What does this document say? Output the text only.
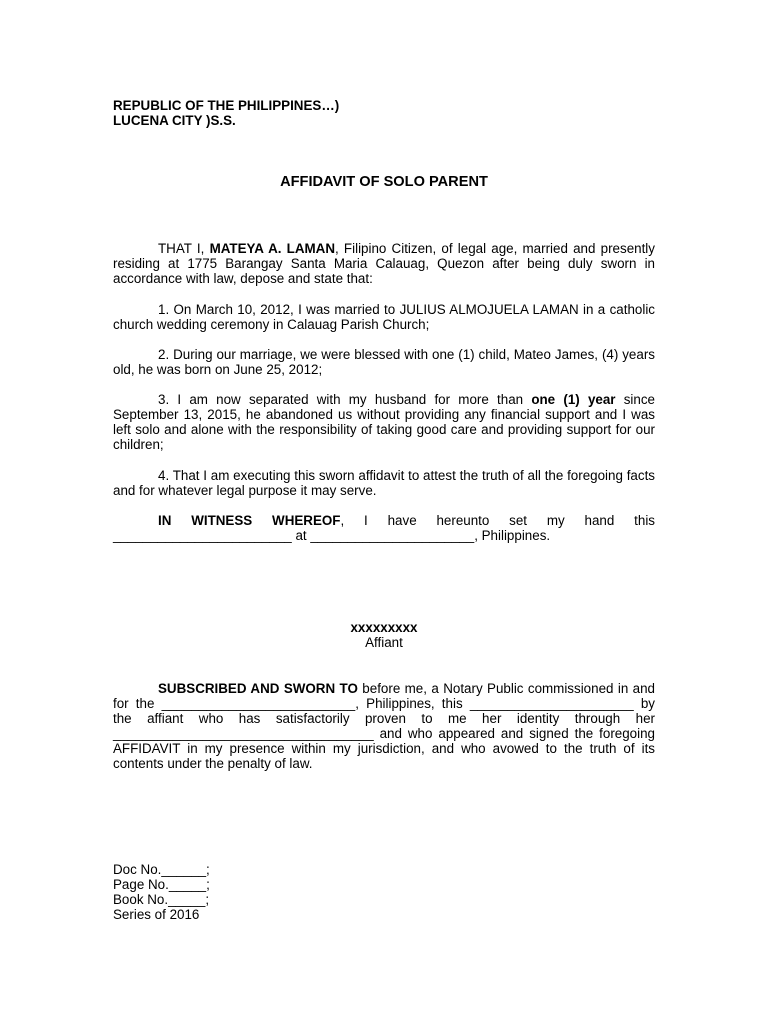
REPUBLIC OF THE PHILIPPINES…)
LUCENA CITY )S.S.
AFFIDAVIT OF SOLO PARENT

THAT I, MATEYA A. LAMAN, Filipino Citizen, of legal age, married and presently residing at 1775 Barangay Santa Maria Calauag, Quezon after being duly sworn in accordance with law, depose and state that:

1. On March 10, 2012, I was married to JULIUS ALMOJUELA LAMAN in a catholic church wedding ceremony in Calauag Parish Church;

2. During our marriage, we were blessed with one (1) child, Mateo James, (4) years old, he was born on June 25, 2012;

3. I am now separated with my husband for more than one (1) year since September 13, 2015, he abandoned us without providing any financial support and I was left solo and alone with the responsibility of taking good care and providing support for our children;

4. That I am executing this sworn affidavit to attest the truth of all the foregoing facts and for whatever legal purpose it may serve.

IN WITNESS WHEREOF, I have hereunto set my hand this ________________________ at ______________________, Philippines.

xxxxxxxxx
Affiant

SUBSCRIBED AND SWORN TO before me, a Notary Public commissioned in and for the __________________________, Philippines, this ______________________ by the affiant who has satisfactorily proven to me her identity through her ___________________________________ and who appeared and signed the foregoing AFFIDAVIT in my presence within my jurisdiction, and who avowed to the truth of its contents under the penalty of law.

Doc No.______;
Page No._____;
Book No._____;
Series of 2016
